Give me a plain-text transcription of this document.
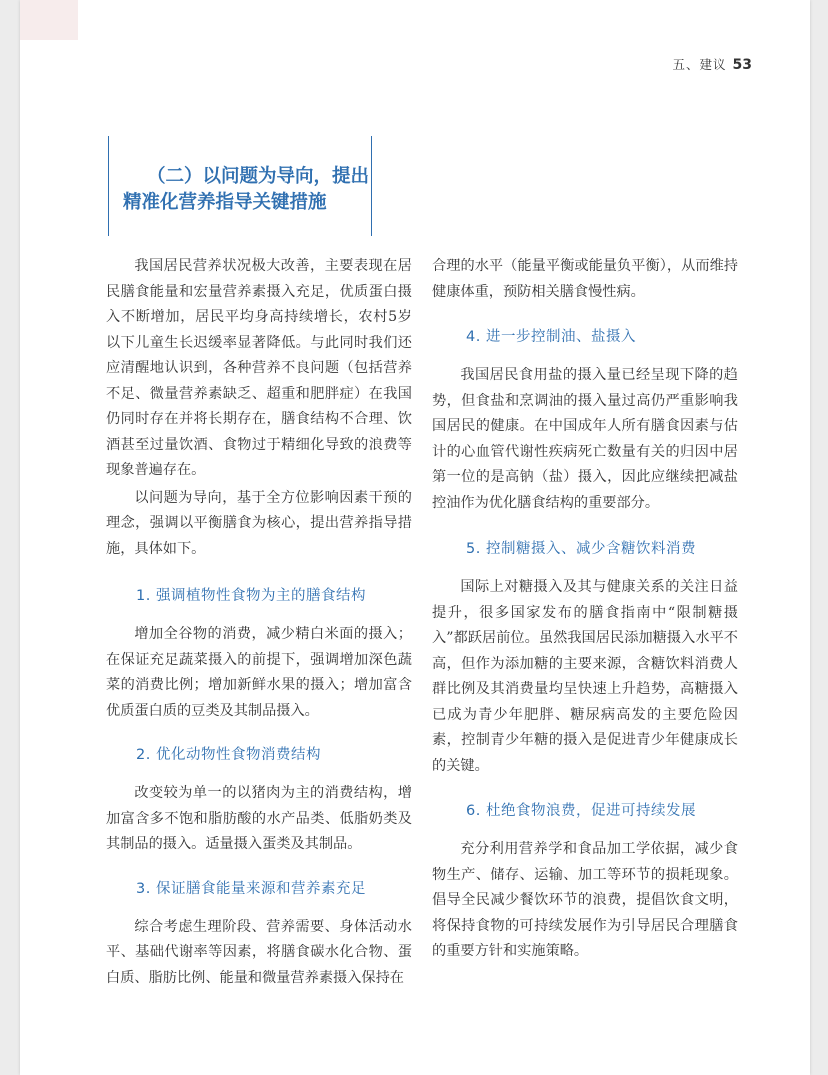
五、建议 53
（二）以问题为导向，提出
精准化营养指导关键措施

我国居民营养状况极大改善，主要表现在居民膳食能量和宏量营养素摄入充足，优质蛋白摄入不断增加，居民平均身高持续增长，农村5岁以下儿童生长迟缓率显著降低。与此同时我们还应清醒地认识到，各种营养不良问题（包括营养不足、微量营养素缺乏、超重和肥胖症）在我国仍同时存在并将长期存在，膳食结构不合理、饮酒甚至过量饮酒、食物过于精细化导致的浪费等现象普遍存在。

以问题为导向，基于全方位影响因素干预的理念，强调以平衡膳食为核心，提出营养指导措施，具体如下。

1. 强调植物性食物为主的膳食结构

增加全谷物的消费，减少精白米面的摄入；在保证充足蔬菜摄入的前提下，强调增加深色蔬菜的消费比例；增加新鲜水果的摄入；增加富含优质蛋白质的豆类及其制品摄入。

2. 优化动物性食物消费结构

改变较为单一的以猪肉为主的消费结构，增加富含多不饱和脂肪酸的水产品类、低脂奶类及其制品的摄入。适量摄入蛋类及其制品。

3. 保证膳食能量来源和营养素充足

综合考虑生理阶段、营养需要、身体活动水平、基础代谢率等因素，将膳食碳水化合物、蛋白质、脂肪比例、能量和微量营养素摄入保持在

合理的水平（能量平衡或能量负平衡），从而维持健康体重，预防相关膳食慢性病。

4. 进一步控制油、盐摄入

我国居民食用盐的摄入量已经呈现下降的趋势，但食盐和烹调油的摄入量过高仍严重影响我国居民的健康。在中国成年人所有膳食因素与估计的心血管代谢性疾病死亡数量有关的归因中居第一位的是高钠（盐）摄入，因此应继续把减盐控油作为优化膳食结构的重要部分。

5. 控制糖摄入、减少含糖饮料消费

国际上对糖摄入及其与健康关系的关注日益提升，很多国家发布的膳食指南中“限制糖摄入”都跃居前位。虽然我国居民添加糖摄入水平不高，但作为添加糖的主要来源，含糖饮料消费人群比例及其消费量均呈快速上升趋势，高糖摄入已成为青少年肥胖、糖尿病高发的主要危险因素，控制青少年糖的摄入是促进青少年健康成长的关键。

6. 杜绝食物浪费，促进可持续发展

充分利用营养学和食品加工学依据，减少食物生产、储存、运输、加工等环节的损耗现象。倡导全民减少餐饮环节的浪费，提倡饮食文明，将保持食物的可持续发展作为引导居民合理膳食的重要方针和实施策略。
